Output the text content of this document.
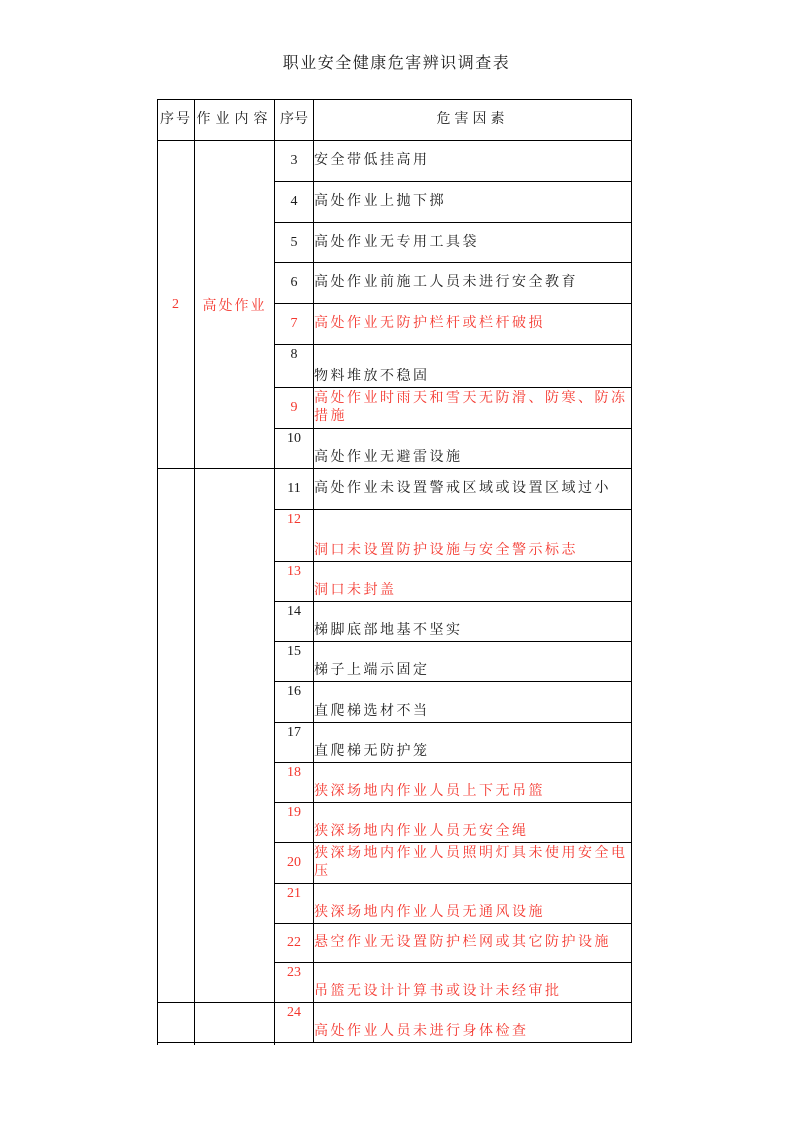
职业安全健康危害辨识调查表
序号	作业内容	序号	危害因素
2	高处作业	3	安全带低挂高用
		4	高处作业上抛下掷
		5	高处作业无专用工具袋
		6	高处作业前施工人员未进行安全教育
		7	高处作业无防护栏杆或栏杆破损
		8	物料堆放不稳固
		9	高处作业时雨天和雪天无防滑、防寒、防冻措施
		10	高处作业无避雷设施
		11	高处作业未设置警戒区域或设置区域过小
		12	洞口未设置防护设施与安全警示标志
		13	洞口未封盖
		14	梯脚底部地基不坚实
		15	梯子上端示固定
		16	直爬梯选材不当
		17	直爬梯无防护笼
		18	狭深场地内作业人员上下无吊篮
		19	狭深场地内作业人员无安全绳
		20	狭深场地内作业人员照明灯具未使用安全电压
		21	狭深场地内作业人员无通风设施
		22	悬空作业无设置防护栏网或其它防护设施
		23	吊篮无设计计算书或设计未经审批
		24	高处作业人员未进行身体检查
